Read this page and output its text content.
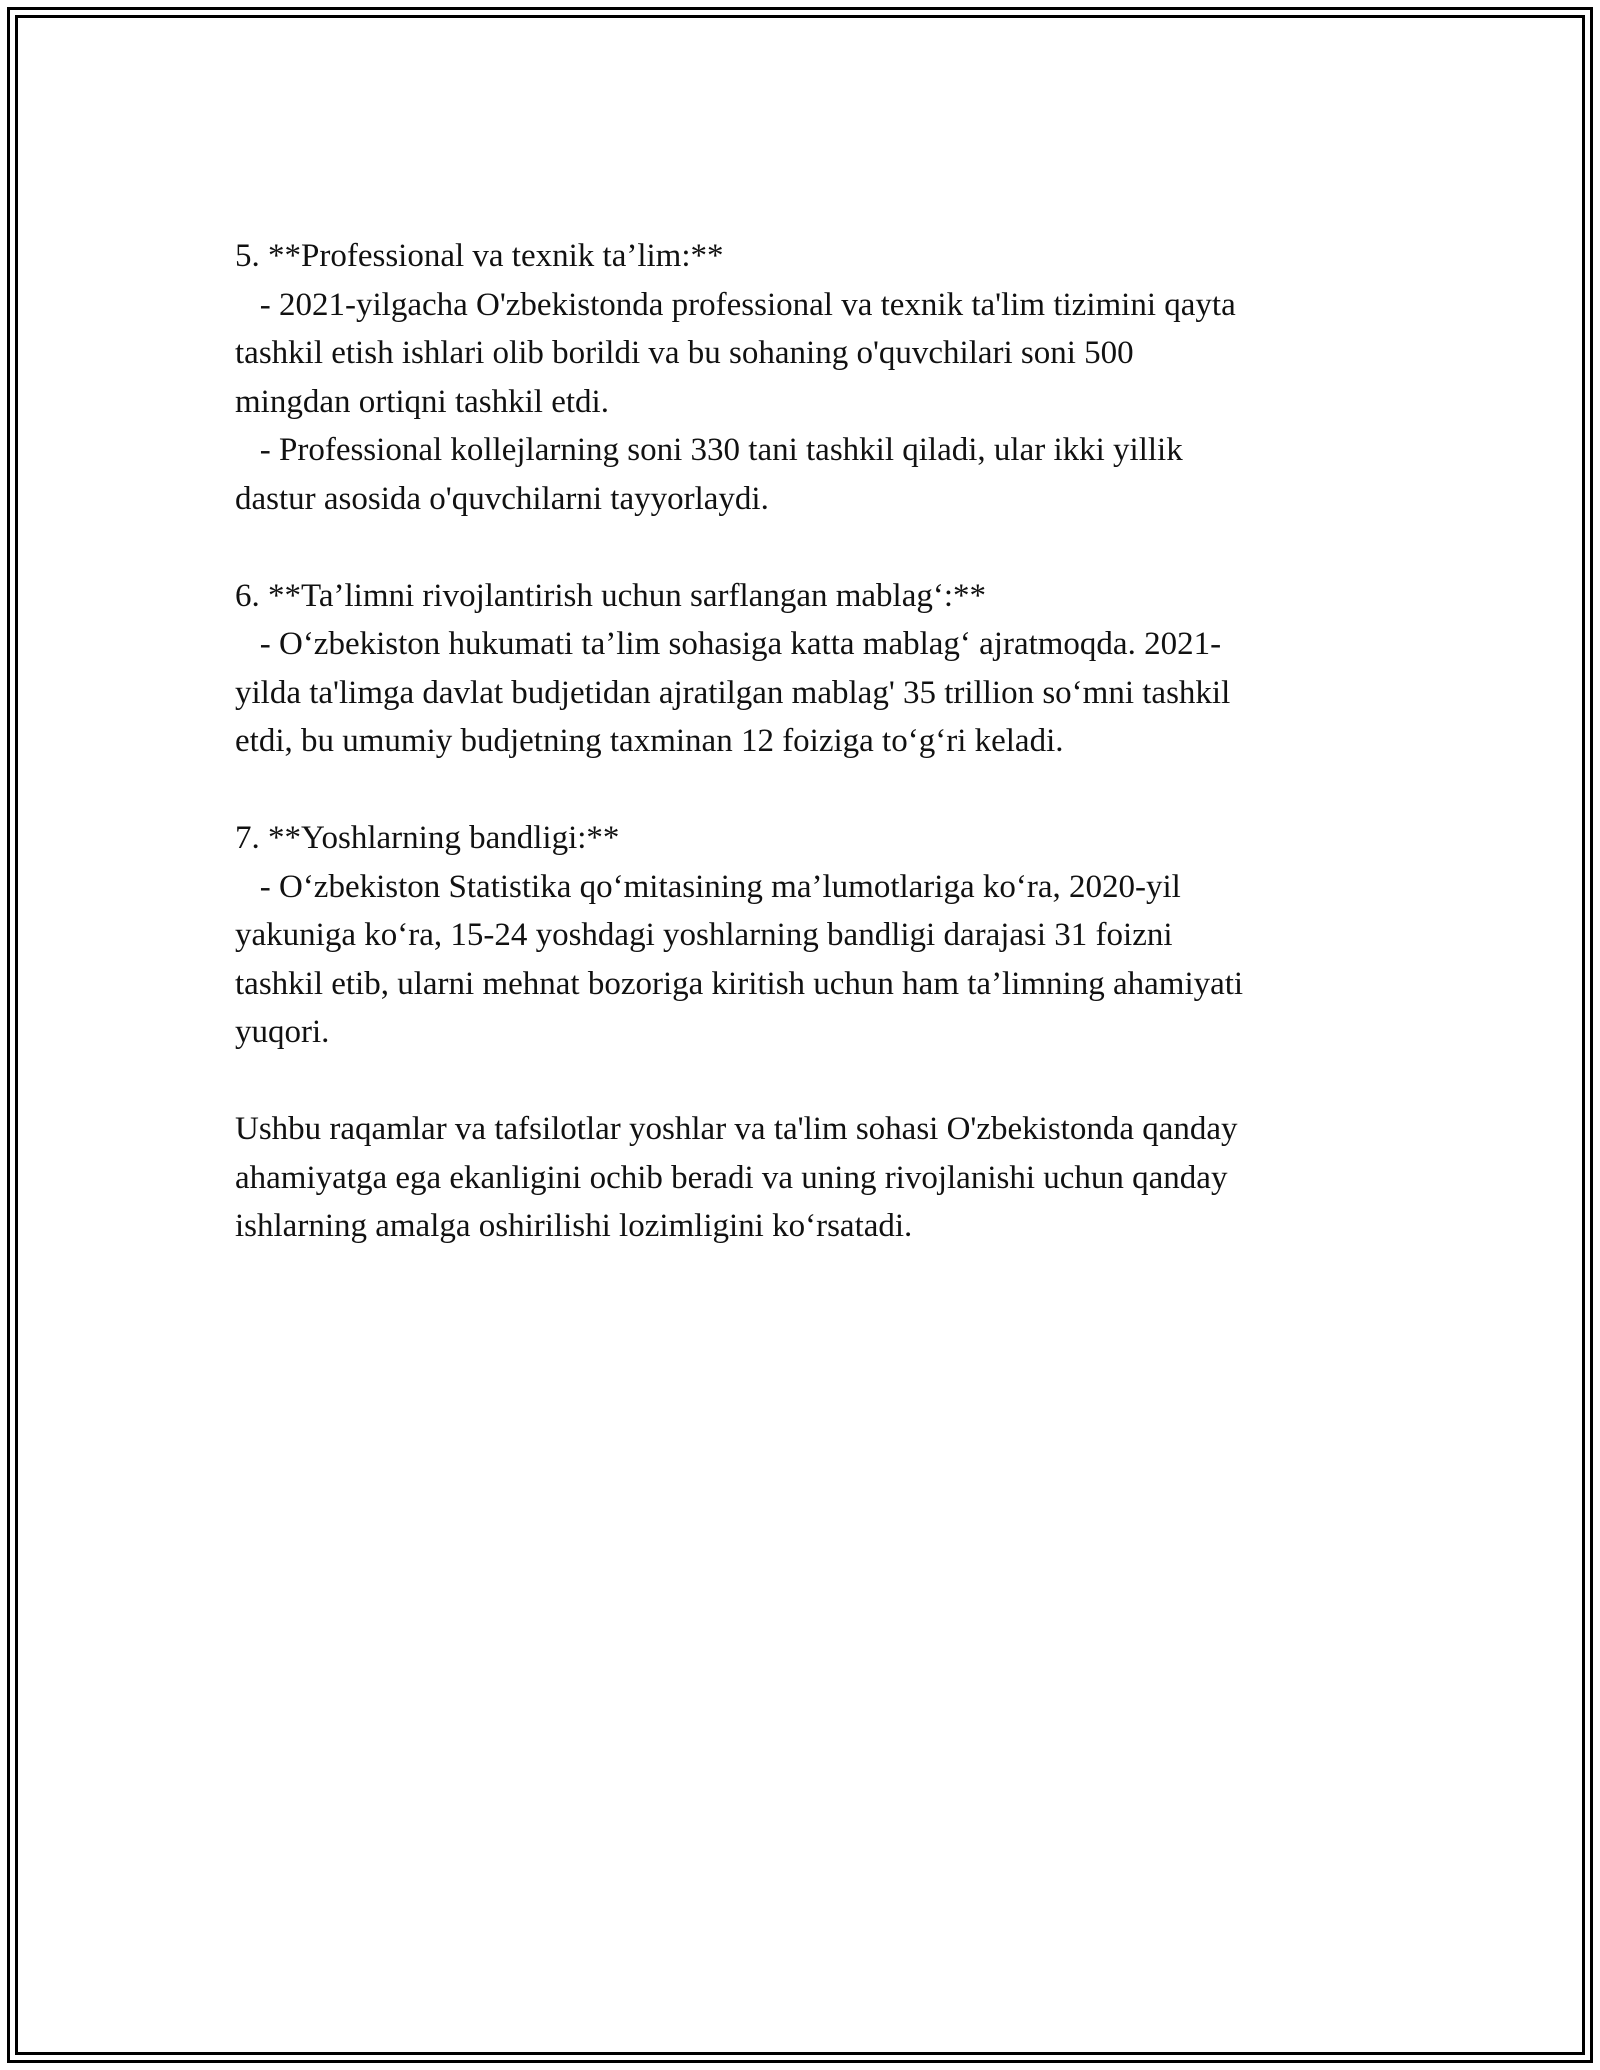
5. **Professional va texnik ta’lim:**
- 2021-yilgacha O'zbekistonda professional va texnik ta'lim tizimini qayta
tashkil etish ishlari olib borildi va bu sohaning o'quvchilari soni 500
mingdan ortiqni tashkil etdi.
- Professional kollejlarning soni 330 tani tashkil qiladi, ular ikki yillik
dastur asosida o'quvchilarni tayyorlaydi.
6. **Ta’limni rivojlantirish uchun sarflangan mablag‘:**
- O‘zbekiston hukumati ta’lim sohasiga katta mablag‘ ajratmoqda. 2021-
yilda ta'limga davlat budjetidan ajratilgan mablag' 35 trillion so‘mni tashkil
etdi, bu umumiy budjetning taxminan 12 foiziga to‘g‘ri keladi.
7. **Yoshlarning bandligi:**
- O‘zbekiston Statistika qo‘mitasining ma’lumotlariga ko‘ra, 2020-yil
yakuniga ko‘ra, 15-24 yoshdagi yoshlarning bandligi darajasi 31 foizni
tashkil etib, ularni mehnat bozoriga kiritish uchun ham ta’limning ahamiyati
yuqori.
Ushbu raqamlar va tafsilotlar yoshlar va ta'lim sohasi O'zbekistonda qanday
ahamiyatga ega ekanligini ochib beradi va uning rivojlanishi uchun qanday
ishlarning amalga oshirilishi lozimligini ko‘rsatadi.
